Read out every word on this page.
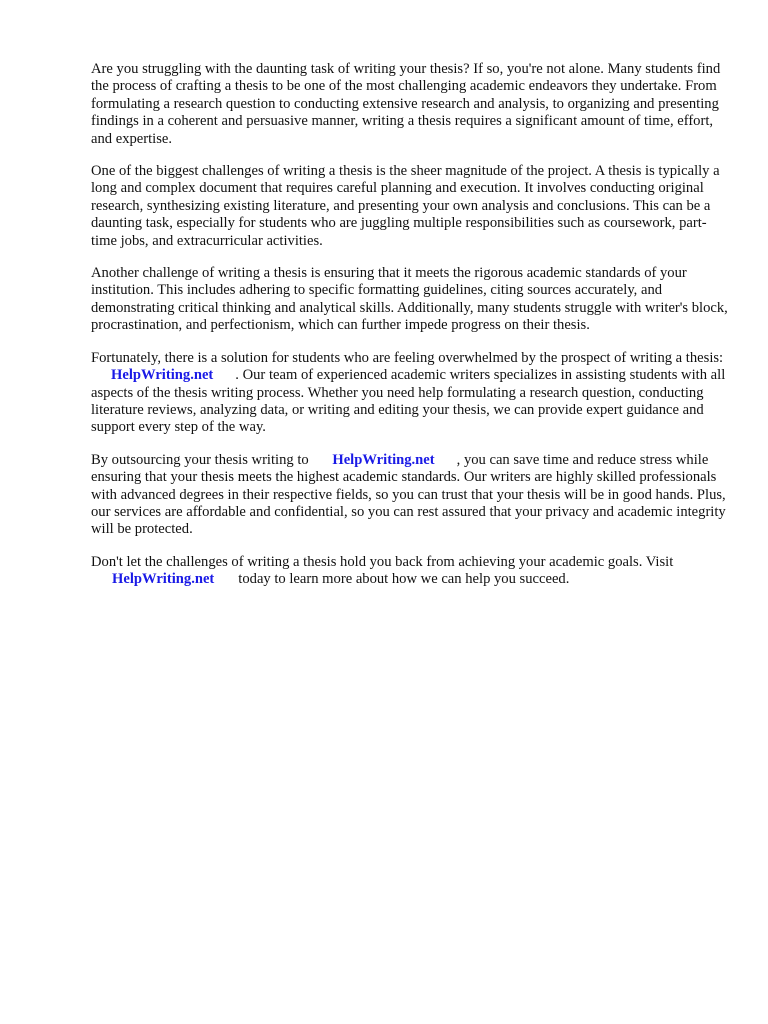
Are you struggling with the daunting task of writing your thesis? If so, you're not alone. Many students find the process of crafting a thesis to be one of the most challenging academic endeavors they undertake. From formulating a research question to conducting extensive research and analysis, to organizing and presenting findings in a coherent and persuasive manner, writing a thesis requires a significant amount of time, effort, and expertise.

One of the biggest challenges of writing a thesis is the sheer magnitude of the project. A thesis is typically a long and complex document that requires careful planning and execution. It involves conducting original research, synthesizing existing literature, and presenting your own analysis and conclusions. This can be a daunting task, especially for students who are juggling multiple responsibilities such as coursework, part-time jobs, and extracurricular activities.

Another challenge of writing a thesis is ensuring that it meets the rigorous academic standards of your institution. This includes adhering to specific formatting guidelines, citing sources accurately, and demonstrating critical thinking and analytical skills. Additionally, many students struggle with writer's block, procrastination, and perfectionism, which can further impede progress on their thesis.

Fortunately, there is a solution for students who are feeling overwhelmed by the prospect of writing a thesis: HelpWriting.net . Our team of experienced academic writers specializes in assisting students with all aspects of the thesis writing process. Whether you need help formulating a research question, conducting literature reviews, analyzing data, or writing and editing your thesis, we can provide expert guidance and support every step of the way.

By outsourcing your thesis writing to HelpWriting.net , you can save time and reduce stress while ensuring that your thesis meets the highest academic standards. Our writers are highly skilled professionals with advanced degrees in their respective fields, so you can trust that your thesis will be in good hands. Plus, our services are affordable and confidential, so you can rest assured that your privacy and academic integrity will be protected.

Don't let the challenges of writing a thesis hold you back from achieving your academic goals. Visit HelpWriting.net today to learn more about how we can help you succeed.
